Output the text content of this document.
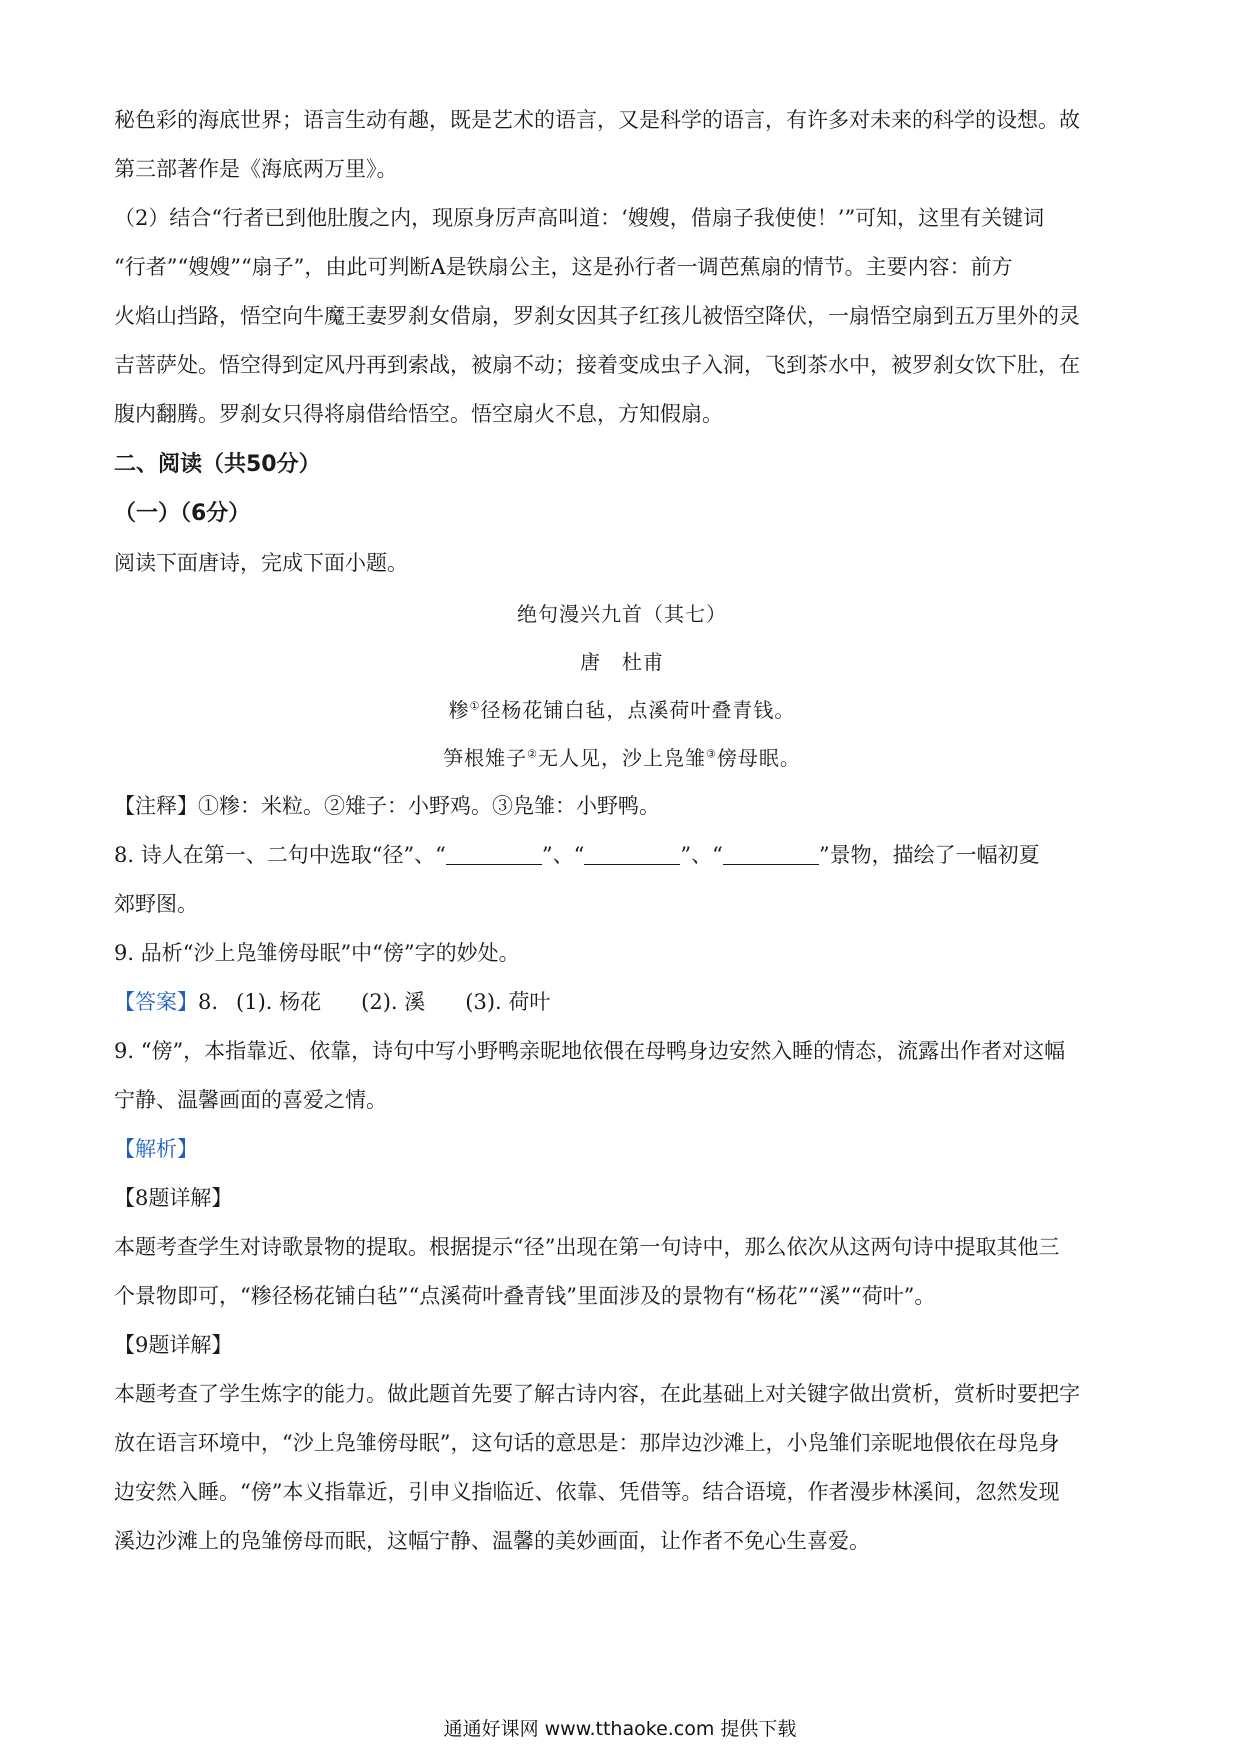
秘色彩的海底世界；语言生动有趣，既是艺术的语言，又是科学的语言，有许多对未来的科学的设想。故

第三部著作是《海底两万里》。

（2）结合“行者已到他肚腹之内，现原身厉声高叫道：‘嫂嫂，借扇子我使使！’”可知，这里有关键词

“行者”“嫂嫂”“扇子”，由此可判断A是铁扇公主，这是孙行者一调芭蕉扇的情节。主要内容：前方

火焰山挡路，悟空向牛魔王妻罗刹女借扇，罗刹女因其子红孩儿被悟空降伏，一扇悟空扇到五万里外的灵

吉菩萨处。悟空得到定风丹再到索战，被扇不动；接着变成虫子入洞，飞到茶水中，被罗刹女饮下肚，在

腹内翻腾。罗刹女只得将扇借给悟空。悟空扇火不息，方知假扇。

二、阅读（共50分）

（一）（6分）

阅读下面唐诗，完成下面小题。

绝句漫兴九首（其七）

唐　杜甫

糁①径杨花铺白毡，点溪荷叶叠青钱。

笋根雉子②无人见，沙上凫雏③傍母眠。

【注释】①糁：米粒。②雉子：小野鸡。③凫雏：小野鸭。

8. 诗人在第一、二句中选取“径”、“	”、“	”、“	”景物，描绘了一幅初夏

郊野图。

9. 品析“沙上凫雏傍母眠”中“傍”字的妙处。

【答案】8. (1). 杨花 (2). 溪 (3). 荷叶

9. “傍”，本指靠近、依靠，诗句中写小野鸭亲昵地依偎在母鸭身边安然入睡的情态，流露出作者对这幅

宁静、温馨画面的喜爱之情。

【解析】

【8题详解】

本题考查学生对诗歌景物的提取。根据提示“径”出现在第一句诗中，那么依次从这两句诗中提取其他三

个景物即可，“糁径杨花铺白毡”“点溪荷叶叠青钱”里面涉及的景物有“杨花”“溪”“荷叶”。

【9题详解】

本题考查了学生炼字的能力。做此题首先要了解古诗内容，在此基础上对关键字做出赏析，赏析时要把字

放在语言环境中，“沙上凫雏傍母眠”，这句话的意思是：那岸边沙滩上，小凫雏们亲昵地偎依在母凫身

边安然入睡。“傍”本义指靠近，引申义指临近、依靠、凭借等。结合语境，作者漫步林溪间，忽然发现

溪边沙滩上的凫雏傍母而眠，这幅宁静、温馨的美妙画面，让作者不免心生喜爱。

通通好课网 www.tthaoke.com 提供下载
